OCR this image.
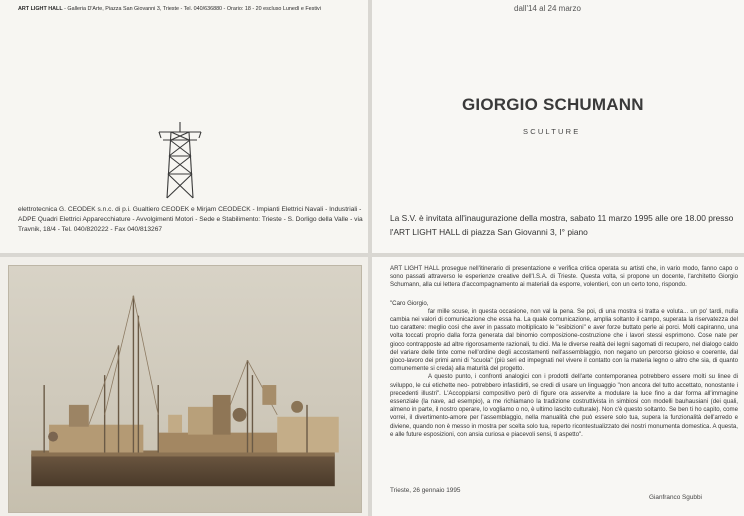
ART LIGHT HALL - Galleria D'Arte, Piazza San Giovanni 3, Trieste - Tel. 040/636880 - Orario: 18 - 20 escluso Lunedì e Festivi
elettrotecnica G. CEODEK s.n.c. di p.i. Gualtiero CEODEK e Mirjam CEODECK - Impianti Elettrici Navali - Industriali - ADPE Quadri Elettrici Apparecchiature - Avvolgimenti Motori - Sede e Stabilimento: Trieste - S. Dorligo della Valle - via Travnik, 18/4 - Tel. 040/820222 - Fax 040/813267
dall'14 al 24 marzo
GIORGIO SCHUMANN
SCULTURE
La S.V. è invitata all'inaugurazione della mostra, sabato 11 marzo 1995 alle ore 18.00 presso l'ART LIGHT HALL di piazza San Giovanni 3, I° piano

ART LIGHT HALL prosegue nell'itinerario di presentazione e verifica critica operata su artisti che, in vario modo, fanno capo o sono passati attraverso le esperienze creative dell'I.S.A. di Trieste. Questa volta, si propone un docente, l'architetto Giorgio Schumann, alla cui lettera d'accompagnamento ai materiali da esporre, volentieri, con un certo tono, rispondo.

"Caro Giorgio,

far mille scuse, in questa occasione, non val la pena. Se poi, di una mostra si tratta e voluta... un po' tardi, nulla cambia nei valori di comunicazione che essa ha. La quale comunicazione, amplia soltanto il campo, superata la riservatezza del tuo carattere: meglio così che aver in passato moltiplicato le "esibizioni" e aver forze buttato perle ai porci. Molti capiranno, una volta toccati proprio dalla forza generata dal binomio composizione-costruzione che i lavori stessi esprimono. Cose nate per gioco contrapposte ad altre rigorosamente razionali, tu dici. Ma le diverse realtà dei legni sagomati di recupero, nel dialogo caldo del variare delle tinte come nell'ordine degli accostamenti nell'assemblaggio, non negano un percorso gioioso e coerente, dal gioco-lavoro dei primi anni di "scuola" (più seri ed impegnati nel vivere il contatto con la materia legno o altro che sia, di quanto comunemente si creda) alla maturità del progetto.

A questo punto, i confronti analogici con i prodotti dell'arte contemporanea potrebbero essere molti su linee di sviluppo, le cui etichette neo- potrebbero infastidirti, se credi di usare un linguaggio "non ancora del tutto accettato, nonostante i precedenti illustri". L'Accoppiarsi compositivo però di figure ora asservite a modulare la luce fino a dar forma all'immagine essenziale (la nave, ad esempio), a me richiamano la tradizione costruttivista in simbiosi con modelli bauhausiani (dei quali, almeno in parte, il nostro operare, lo vogliamo o no, è ultimo lascito culturale). Non c'è questo soltanto. Se ben ti ho capito, come vorrei, il divertimento-amore per l'assemblaggio, nella manualità che può essere solo tua, supera la funzionalità dell'arredo e diviene, quando non è messo in mostra per scelta solo tua, reperto ricontestualizzato dei nostri monumenta domestica. A questa, e alle future esposizioni, con ansia curiosa e piacevoli sensi, ti aspetto".

Trieste, 26 gennaio 1995
Gianfranco Sgubbi
